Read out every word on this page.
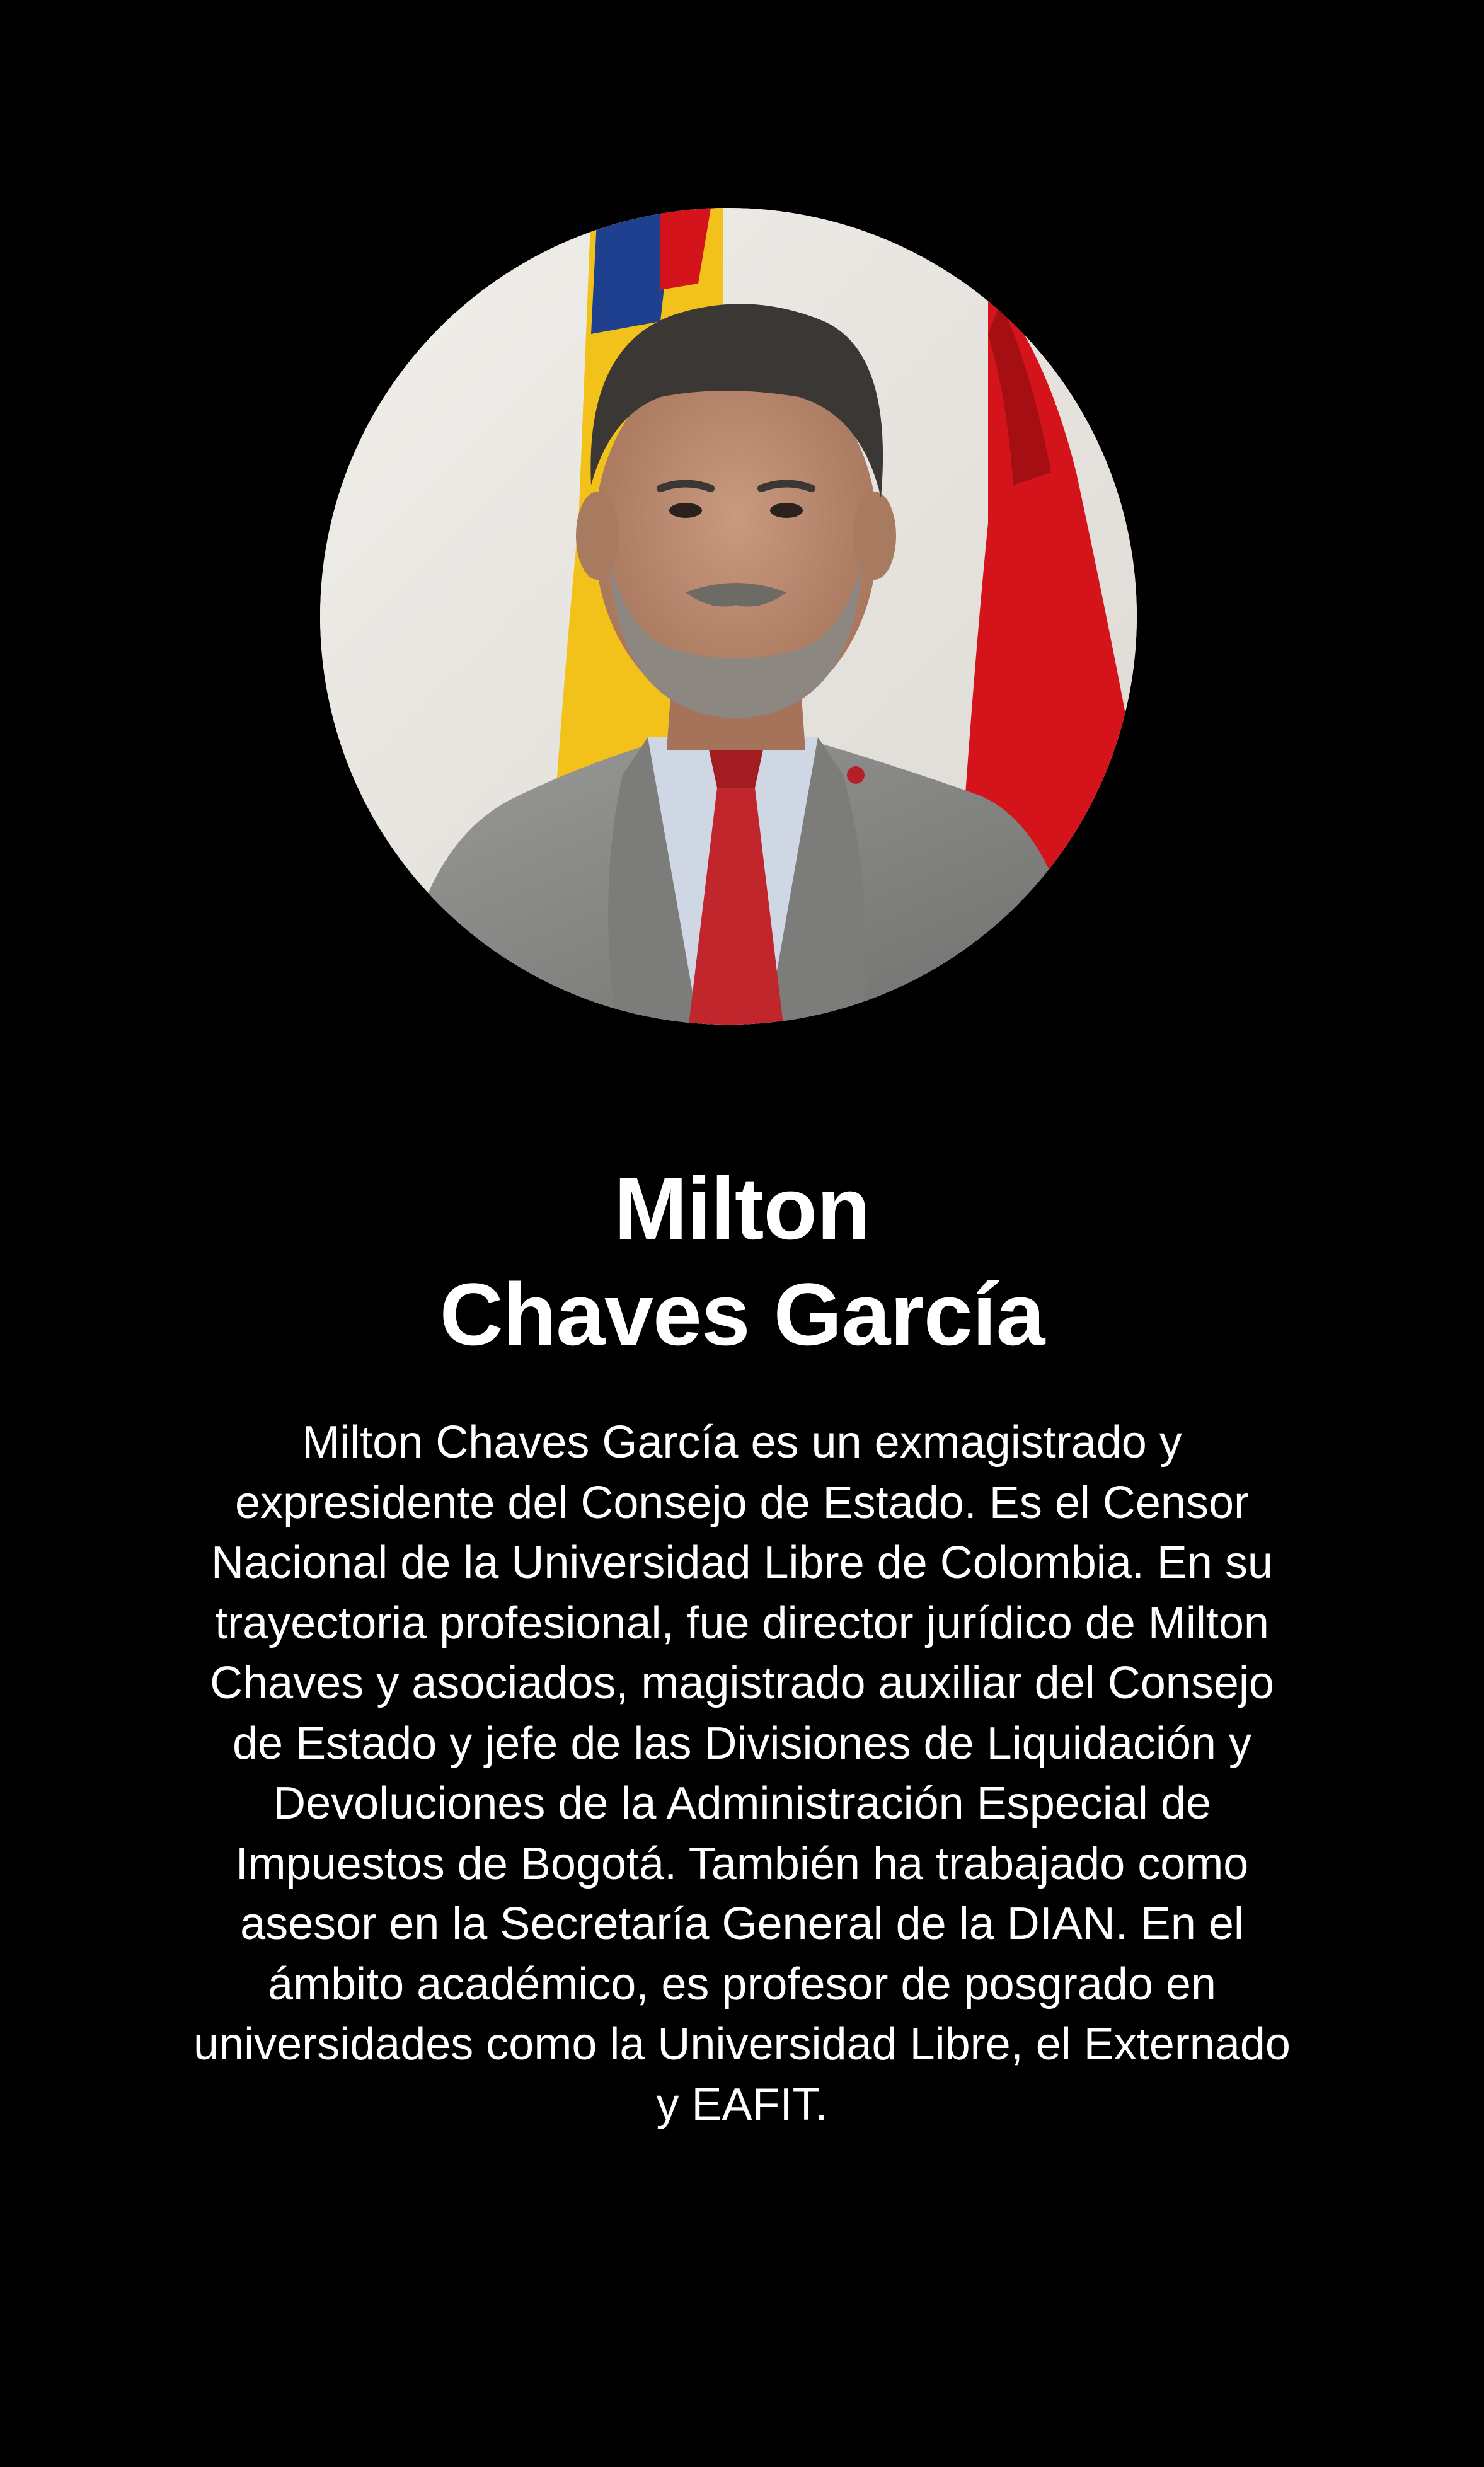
Milton
Chaves García

Milton Chaves García es un exmagistrado y expresidente del Consejo de Estado. Es el Censor Nacional de la Universidad Libre de Colombia. En su trayectoria profesional, fue director jurídico de Milton Chaves y asociados, magistrado auxiliar del Consejo de Estado y jefe de las Divisiones de Liquidación y Devoluciones de la Administración Especial de Impuestos de Bogotá. También ha trabajado como asesor en la Secretaría General de la DIAN. En el ámbito académico, es profesor de posgrado en universidades como la Universidad Libre, el Externado y EAFIT.
